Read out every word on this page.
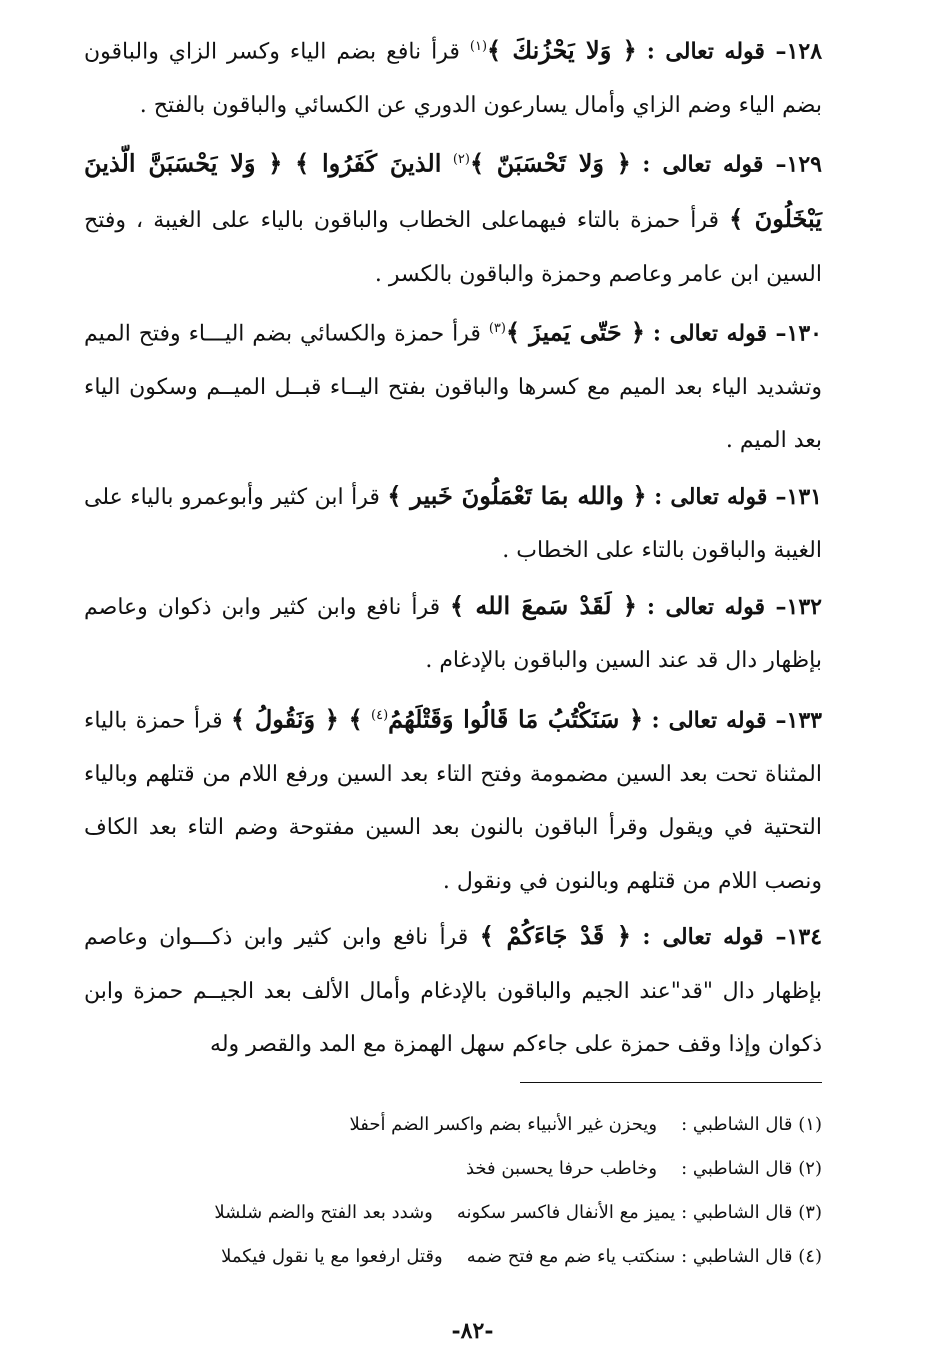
١٢٨– قوله تعالى : ﴿ وَلا يَحْزُنكَ ﴾$^{(١)}$ قرأ نافع بضم الياء وكسر الزاي والباقون بضم الياء وضم الزاي وأمال يسارعون الدوري عن الكسائي والباقون بالفتح .

١٢٩– قوله تعالى : ﴿ وَلا تَحْسَبَنّ ﴾$^{(٢)}$ الذينَ كَفَرُوا ﴾ ﴿ وَلا يَحْسَبَنَّ الّذينَ يَبْخَلُونَ ﴾ قرأ حمزة بالتاء فيهماعلى الخطاب والباقون بالياء على الغيبة ، وفتح السين ابن عامر وعاصم وحمزة والباقون بالكسر .

١٣٠– قوله تعالى : ﴿ حَتّى يَميزَ ﴾$^{(٣)}$ قرأ حمزة والكسائي بضم اليـــاء وفتح الميم وتشديد الياء بعد الميم مع كسرها والباقون بفتح اليــاء قبــل الميــم وسكون الياء بعد الميم .

١٣١– قوله تعالى : ﴿ والله بمَا تَعْمَلُونَ خَبير ﴾ قرأ ابن كثير وأبوعمرو بالياء على الغيبة والباقون بالتاء على الخطاب .

١٣٢– قوله تعالى : ﴿ لَقَدْ سَمعَ الله ﴾ قرأ نافع وابن كثير وابن ذكوان وعاصم بإظهار دال قد عند السين والباقون بالإدغام .

١٣٣– قوله تعالى : ﴿ سَنَكْتُبُ مَا قَالُوا وَقَتْلَهُمُ$^{(٤)}$ ﴾ ﴿ وَنَقُولُ ﴾ قرأ حمزة بالياء المثناة تحت بعد السين مضمومة وفتح التاء بعد السين ورفع اللام من قتلهم وبالياء التحتية في ويقول وقرأ الباقون بالنون بعد السين مفتوحة وضم التاء بعد الكاف ونصب اللام من قتلهم وبالنون في ونقول .

١٣٤– قوله تعالى : ﴿ قَدْ جَاءَكُمْ ﴾ قرأ نافع وابن كثير وابن ذكـــوان وعاصم بإظهار دال "قد"عند الجيم والباقون بالإدغام وأمال الألف بعد الجيــم حمزة وابن ذكوان وإذا وقف حمزة على جاءكم سهل الهمزة مع المد والقصر وله

(١) قال الشاطبي :ويحزن غير الأنبياء بضم واكسر الضم أحفلا
(٢) قال الشاطبي :وخاطب حرفا يحسبن فخذ
(٣) قال الشاطبي : يميز مع الأنفال فاكسر سكونهوشدد بعد الفتح والضم شلشلا
(٤) قال الشاطبي : سنكتب ياء ضم مع فتح ضمهوقتل ارفعوا مع يا نقول فيكملا
-٨٢-
